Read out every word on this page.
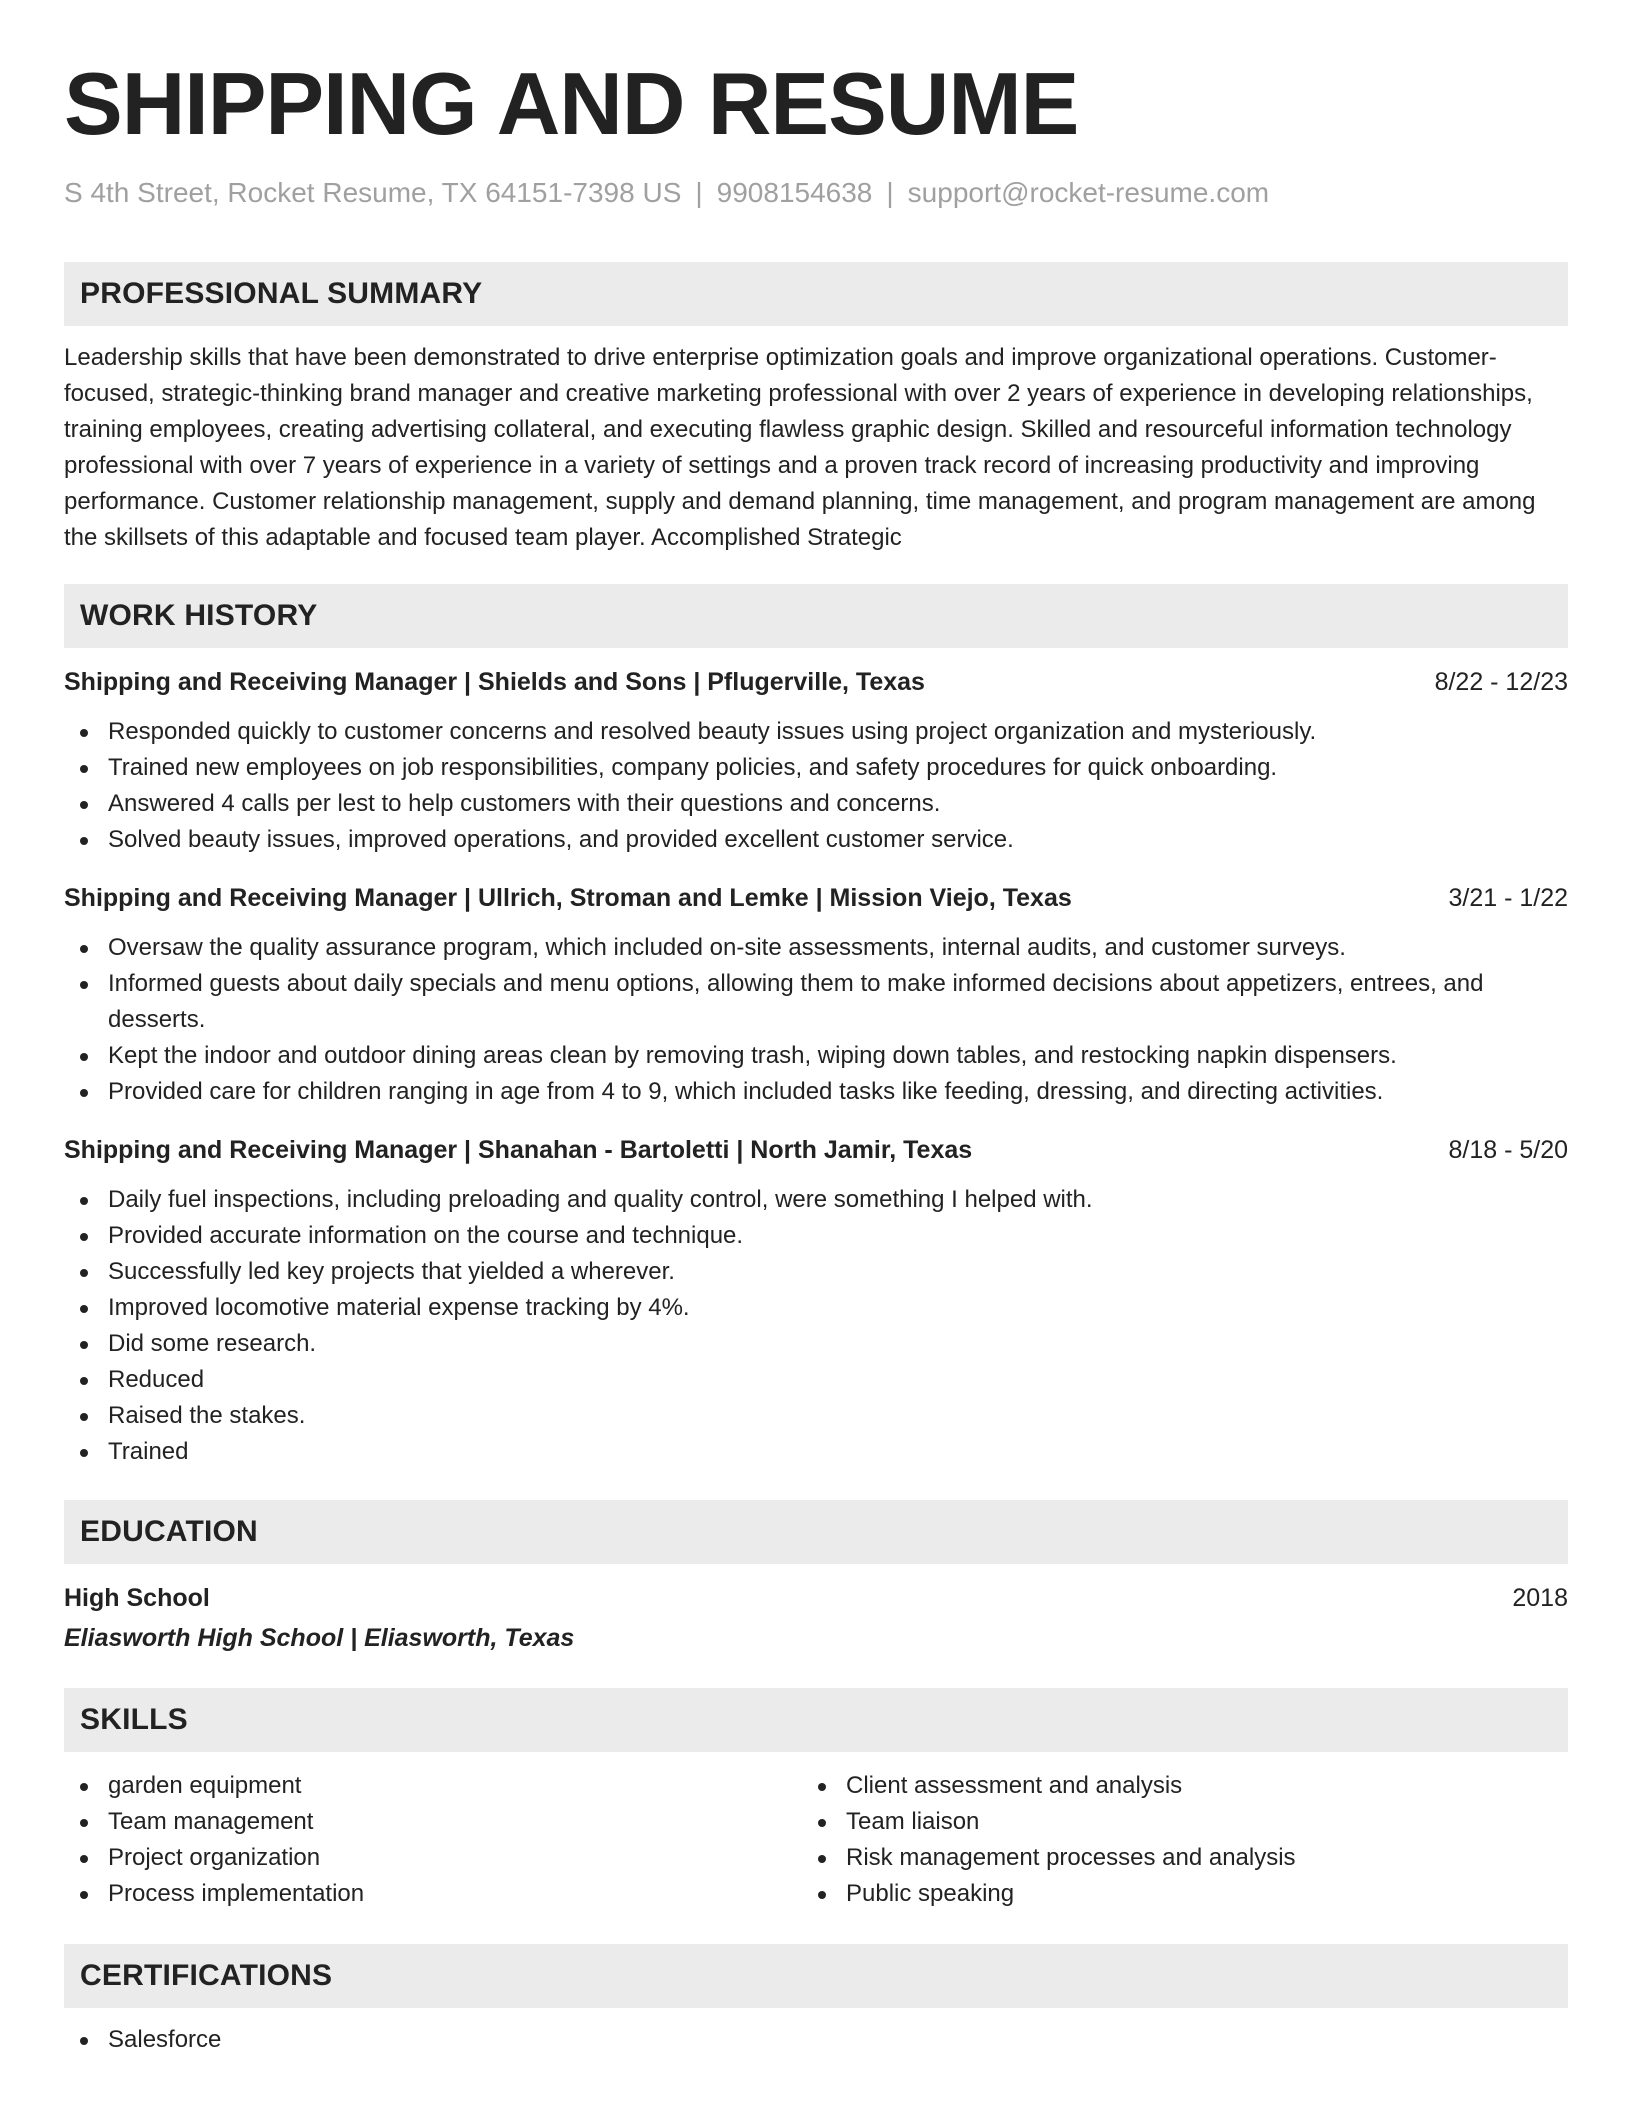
SHIPPING AND RESUME
S 4th Street, Rocket Resume, TX 64151-7398 US | 9908154638 | support@rocket-resume.com
PROFESSIONAL SUMMARY

Leadership skills that have been demonstrated to drive enterprise optimization goals and improve organizational operations. Customer-focused, strategic-thinking brand manager and creative marketing professional with over 2 years of experience in developing relationships, training employees, creating advertising collateral, and executing flawless graphic design. Skilled and resourceful information technology professional with over 7 years of experience in a variety of settings and a proven track record of increasing productivity and improving performance. Customer relationship management, supply and demand planning, time management, and program management are among the skillsets of this adaptable and focused team player. Accomplished Strategic

WORK HISTORY
Shipping and Receiving Manager | Shields and Sons | Pflugerville, Texas	8/22 - 12/23
Responded quickly to customer concerns and resolved beauty issues using project organization and mysteriously.
Trained new employees on job responsibilities, company policies, and safety procedures for quick onboarding.
Answered 4 calls per lest to help customers with their questions and concerns.
Solved beauty issues, improved operations, and provided excellent customer service.
Shipping and Receiving Manager | Ullrich, Stroman and Lemke | Mission Viejo, Texas	3/21 - 1/22
Oversaw the quality assurance program, which included on-site assessments, internal audits, and customer surveys.
Informed guests about daily specials and menu options, allowing them to make informed decisions about appetizers, entrees, and desserts.
Kept the indoor and outdoor dining areas clean by removing trash, wiping down tables, and restocking napkin dispensers.
Provided care for children ranging in age from 4 to 9, which included tasks like feeding, dressing, and directing activities.
Shipping and Receiving Manager | Shanahan - Bartoletti | North Jamir, Texas	8/18 - 5/20
Daily fuel inspections, including preloading and quality control, were something I helped with.
Provided accurate information on the course and technique.
Successfully led key projects that yielded a wherever.
Improved locomotive material expense tracking by 4%.
Did some research.
Reduced
Raised the stakes.
Trained
EDUCATION
High School	2018
Eliasworth High School | Eliasworth, Texas
SKILLS
garden equipment
Team management
Project organization
Process implementation
Client assessment and analysis
Team liaison
Risk management processes and analysis
Public speaking
CERTIFICATIONS
Salesforce
